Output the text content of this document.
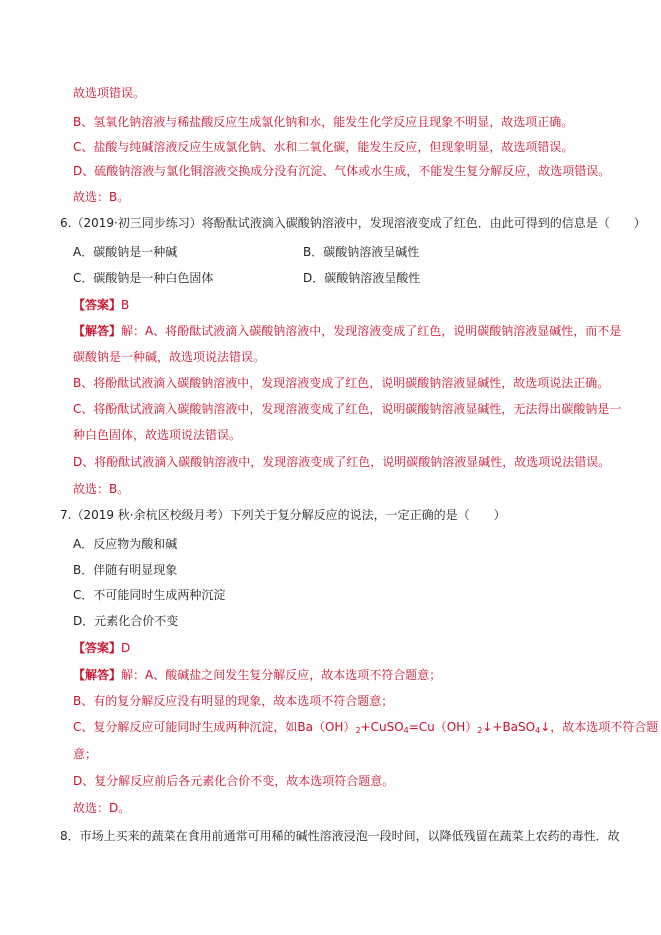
故选项错误。
B、氢氧化钠溶液与稀盐酸反应生成氯化钠和水，能发生化学反应且现象不明显，故选项正确。
C、盐酸与纯碱溶液反应生成氯化钠、水和二氧化碳，能发生反应，但现象明显，故选项错误。
D、硫酸钠溶液与氯化铜溶液交换成分没有沉淀、气体或水生成，不能发生复分解反应，故选项错误。
故选：B。
6.（2019·初三同步练习）将酚酞试液滴入碳酸钠溶液中，发现溶液变成了红色．由此可得到的信息是（　　）
A．碳酸钠是一种碱	B．碳酸钠溶液呈碱性
C．碳酸钠是一种白色固体	D．碳酸钠溶液呈酸性
【答案】B
【解答】解：A、将酚酞试液滴入碳酸钠溶液中，发现溶液变成了红色，说明碳酸钠溶液显碱性，而不是
碳酸钠是一种碱，故选项说法错误。
B、将酚酞试液滴入碳酸钠溶液中，发现溶液变成了红色，说明碳酸钠溶液显碱性，故选项说法正确。
C、将酚酞试液滴入碳酸钠溶液中，发现溶液变成了红色，说明碳酸钠溶液显碱性，无法得出碳酸钠是一
种白色固体，故选项说法错误。
D、将酚酞试液滴入碳酸钠溶液中，发现溶液变成了红色，说明碳酸钠溶液显碱性，故选项说法错误。
故选：B。
7.（2019 秋·余杭区校级月考）下列关于复分解反应的说法，一定正确的是（　　）
A．反应物为酸和碱
B．伴随有明显现象
C．不可能同时生成两种沉淀
D．元素化合价不变
【答案】D
【解答】解：A、酸碱盐之间发生复分解反应，故本选项不符合题意；
B、有的复分解反应没有明显的现象，故本选项不符合题意；
C、复分解反应可能同时生成两种沉淀，如$Ba(OH)_2+CuSO_4=Cu(OH)_2↓+BaSO_4↓$，故本选项不符合题
意；
D、复分解反应前后各元素化合价不变，故本选项符合题意。
故选：D。
8．市场上买来的蔬菜在食用前通常可用稀的碱性溶液浸泡一段时间，以降低残留在蔬菜上农药的毒性．故
